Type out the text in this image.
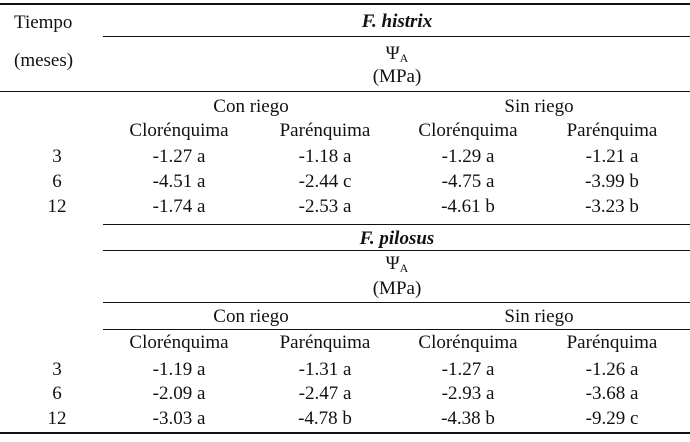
Tiempo
(meses)
F. histrix
$\Psi_A$
(MPa)
Con riego	Sin riego
Clorénquima	Parénquima	Clorénquima	Parénquima
3	-1.27 a	-1.18 a	-1.29 a	-1.21 a
6	-4.51 a	-2.44 c	-4.75 a	-3.99 b
12	-1.74 a	-2.53 a	-4.61 b	-3.23 b
F. pilosus
$\Psi_A$
(MPa)
Con riego	Sin riego
Clorénquima	Parénquima	Clorénquima	Parénquima
3	-1.19 a	-1.31 a	-1.27 a	-1.26 a
6	-2.09 a	-2.47 a	-2.93 a	-3.68 a
12	-3.03 a	-4.78 b	-4.38 b	-9.29 c
